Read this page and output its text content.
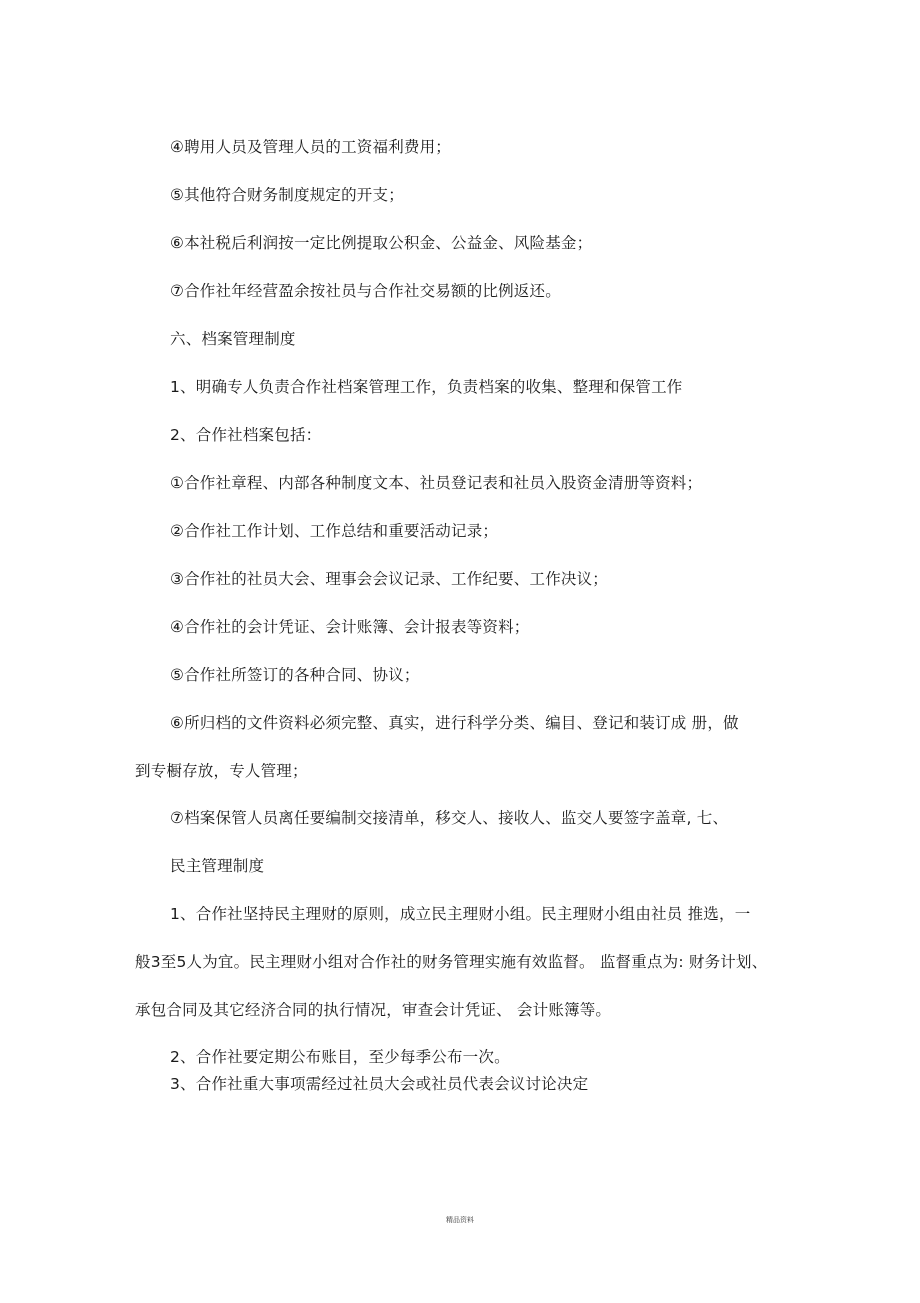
④聘用人员及管理人员的工资福利费用；
⑤其他符合财务制度规定的开支；
⑥本社税后利润按一定比例提取公积金、公益金、风险基金；
⑦合作社年经营盈余按社员与合作社交易额的比例返还。
六、档案管理制度
1、明确专人负责合作社档案管理工作，负责档案的收集、整理和保管工作
2、合作社档案包括：
①合作社章程、内部各种制度文本、社员登记表和社员入股资金清册等资料；
②合作社工作计划、工作总结和重要活动记录；
③合作社的社员大会、理事会会议记录、工作纪要、工作决议；
④合作社的会计凭证、会计账簿、会计报表等资料；
⑤合作社所签订的各种合同、协议；
⑥所归档的文件资料必须完整、真实，进行科学分类、编目、登记和装订成 册，做
到专橱存放，专人管理；
⑦档案保管人员离任要编制交接清单，移交人、接收人、监交人要签字盖章, 七、
民主管理制度
1、合作社坚持民主理财的原则，成立民主理财小组。民主理财小组由社员 推选，一
般3至5人为宜。民主理财小组对合作社的财务管理实施有效监督。 监督重点为: 财务计划、
承包合同及其它经济合同的执行情况，审查会计凭证、 会计账簿等。
2、合作社要定期公布账目，至少每季公布一次。
3、合作社重大事项需经过社员大会或社员代表会议讨论决定
精品资料
